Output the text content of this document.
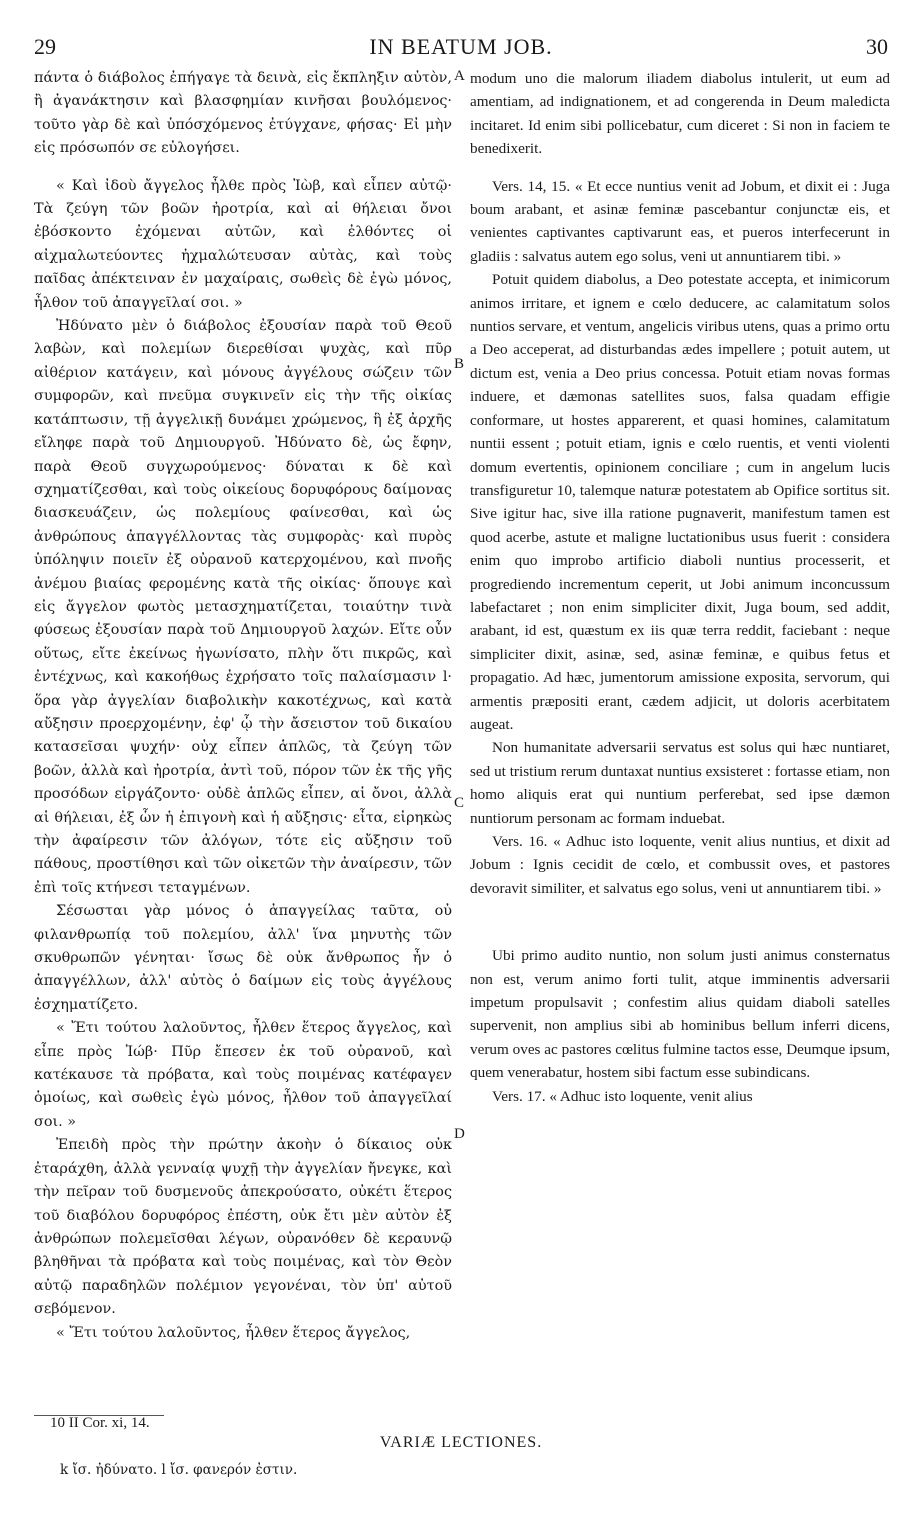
29	IN BEATUM JOB.	30

πάντα ὁ διάβολος ἐπήγαγε τὰ δεινὰ, εἰς ἔκπληξιν αὐτὸν, ἢ ἀγανάκτησιν καὶ βλασφημίαν κινῆσαι βουλόμενος· τοῦτο γὰρ δὲ καὶ ὑπόσχόμενος ἐτύγχανε, φήσας· Εἰ μὴν εἰς πρόσωπόν σε εὐλογήσει.

« Καὶ ἰδοὺ ἄγγελος ἦλθε πρὸς Ἰὼβ, καὶ εἶπεν αὐτῷ· Τὰ ζεύγη τῶν βοῶν ἠροτρία, καὶ αἱ θήλειαι ὄνοι ἐβόσκοντο ἐχόμεναι αὐτῶν, καὶ ἐλθόντες οἱ αἰχμαλωτεύοντες ἠχμαλώτευσαν αὐτὰς, καὶ τοὺς παῖδας ἀπέκτειναν ἐν μαχαίραις, σωθεὶς δὲ ἐγὼ μόνος, ἦλθον τοῦ ἀπαγγεῖλαί σοι. »

Ἠδύνατο μὲν ὁ διάβολος ἐξουσίαν παρὰ τοῦ Θεοῦ λαβὼν, καὶ πολεμίων διερεθίσαι ψυχὰς, καὶ πῦρ αἰθέριον κατάγειν, καὶ μόνους ἀγγέλους σώζειν τῶν συμφορῶν, καὶ πνεῦμα συγκινεῖν εἰς τὴν τῆς οἰκίας κατάπτωσιν, τῇ ἀγγελικῇ δυνάμει χρώμενος, ἣ ἐξ ἀρχῆς εἴληφε παρὰ τοῦ Δημιουργοῦ. Ἠδύνατο δὲ, ὡς ἔφην, παρὰ Θεοῦ συγχωρούμενος· δύναται κ δὲ καὶ σχηματίζεσθαι, καὶ τοὺς οἰκείους δορυφόρους δαίμονας διασκευάζειν, ὡς πολεμίους φαίνεσθαι, καὶ ὡς ἀνθρώπους ἀπαγγέλλοντας τὰς συμφορὰς· καὶ πυρὸς ὑπόληψιν ποιεῖν ἐξ οὐρανοῦ κατερχομένου, καὶ πνοῆς ἀνέμου βιαίας φερομένης κατὰ τῆς οἰκίας· ὅπουγε καὶ εἰς ἄγγελον φωτὸς μετασχηματίζεται, τοιαύτην τινὰ φύσεως ἐξουσίαν παρὰ τοῦ Δημιουργοῦ λαχών. Εἴτε οὖν οὕτως, εἴτε ἐκείνως ἠγωνίσατο, πλὴν ὅτι πικρῶς, καὶ ἐντέχνως, καὶ κακοήθως ἐχρήσατο τοῖς παλαίσμασιν l· ὅρα γὰρ ἀγγελίαν διαβολικὴν κακοτέχνως, καὶ κατὰ αὔξησιν προερχομένην, ἐφ' ᾧ τὴν ἄσειστον τοῦ δικαίου κατασεῖσαι ψυχήν· οὐχ εἶπεν ἁπλῶς, τὰ ζεύγη τῶν βοῶν, ἀλλὰ καὶ ἠροτρία, ἀντὶ τοῦ, πόρον τῶν ἐκ τῆς γῆς προσόδων εἰργάζοντο· οὐδὲ ἁπλῶς εἶπεν, αἱ ὄνοι, ἀλλὰ αἱ θήλειαι, ἐξ ὧν ἡ ἐπιγονὴ καὶ ἡ αὔξησις· εἶτα, εἰρηκὼς τὴν ἀφαίρεσιν τῶν ἀλόγων, τότε εἰς αὔξησιν τοῦ πάθους, προστίθησι καὶ τῶν οἰκετῶν τὴν ἀναίρεσιν, τῶν ἐπὶ τοῖς κτήνεσι τεταγμένων.

Σέσωσται γὰρ μόνος ὁ ἀπαγγείλας ταῦτα, οὐ φιλανθρωπίᾳ τοῦ πολεμίου, ἀλλ' ἵνα μηνυτὴς τῶν σκυθρωπῶν γένηται· ἴσως δὲ οὐκ ἄνθρωπος ἦν ὁ ἀπαγγέλλων, ἀλλ' αὐτὸς ὁ δαίμων εἰς τοὺς ἀγγέλους ἐσχηματίζετο.

« Ἔτι τούτου λαλοῦντος, ἦλθεν ἕτερος ἄγγελος, καὶ εἶπε πρὸς Ἰώβ· Πῦρ ἔπεσεν ἐκ τοῦ οὐρανοῦ, καὶ κατέκαυσε τὰ πρόβατα, καὶ τοὺς ποιμένας κατέφαγεν ὁμοίως, καὶ σωθεὶς ἐγὼ μόνος, ἦλθον τοῦ ἀπαγγεῖλαί σοι. »

Ἐπειδὴ πρὸς τὴν πρώτην ἀκοὴν ὁ δίκαιος οὐκ ἐταράχθη, ἀλλὰ γενναίᾳ ψυχῇ τὴν ἀγγελίαν ἤνεγκε, καὶ τὴν πεῖραν τοῦ δυσμενοῦς ἀπεκρούσατο, οὐκέτι ἕτερος τοῦ διαβόλου δορυφόρος ἐπέστη, οὐκ ἔτι μὲν αὐτὸν ἐξ ἀνθρώπων πολεμεῖσθαι λέγων, οὐρανόθεν δὲ κεραυνῷ βληθῆναι τὰ πρόβατα καὶ τοὺς ποιμένας, καὶ τὸν Θεὸν αὐτῷ παραδηλῶν πολέμιον γεγονέναι, τὸν ὑπ' αὐτοῦ σεβόμενον.

« Ἔτι τούτου λαλοῦντος, ἦλθεν ἕτερος ἄγγελος,

modum uno die malorum iliadem diabolus intulerit, ut eum ad amentiam, ad indignationem, et ad congerenda in Deum maledicta incitaret. Id enim sibi pollicebatur, cum diceret : Si non in faciem te benedixerit.

Vers. 14, 15. « Et ecce nuntius venit ad Jobum, et dixit ei : Juga boum arabant, et asinæ feminæ pascebantur conjunctæ eis, et venientes captivantes captivarunt eas, et pueros interfecerunt in gladiis : salvatus autem ego solus, veni ut annuntiarem tibi. »

Potuit quidem diabolus, a Deo potestate accepta, et inimicorum animos irritare, et ignem e cœlo deducere, ac calamitatum solos nuntios servare, et ventum, angelicis viribus utens, quas a primo ortu a Deo acceperat, ad disturbandas ædes impellere ; potuit autem, ut dictum est, venia a Deo prius concessa. Potuit etiam novas formas induere, et dæmonas satellites suos, falsa quadam effigie conformare, ut hostes apparerent, et quasi homines, calamitatum nuntii essent ; potuit etiam, ignis e cœlo ruentis, et venti violenti domum evertentis, opinionem conciliare ; cum in angelum lucis transfiguretur 10, talemque naturæ potestatem ab Opifice sortitus sit. Sive igitur hac, sive illa ratione pugnaverit, manifestum tamen est quod acerbe, astute et maligne luctationibus usus fuerit : considera enim quo improbo artificio diaboli nuntius processerit, et progrediendo incrementum ceperit, ut Jobi animum inconcussum labefactaret ; non enim simpliciter dixit, Juga boum, sed addit, arabant, id est, quæstum ex iis quæ terra reddit, faciebant : neque simpliciter dixit, asinæ, sed, asinæ feminæ, e quibus fetus et propagatio. Ad hæc, jumentorum amissione exposita, servorum, qui armentis præpositi erant, cædem adjicit, ut doloris acerbitatem augeat.

Non humanitate adversarii servatus est solus qui hæc nuntiaret, sed ut tristium rerum duntaxat nuntius exsisteret : fortasse etiam, non homo aliquis erat qui nuntium perferebat, sed ipse dæmon nuntiorum personam ac formam induebat.

Vers. 16. « Adhuc isto loquente, venit alius nuntius, et dixit ad Jobum : Ignis cecidit de cœlo, et combussit oves, et pastores devoravit similiter, et salvatus ego solus, veni ut annuntiarem tibi. »

Ubi primo audito nuntio, non solum justi animus consternatus non est, verum animo forti tulit, atque imminentis adversarii impetum propulsavit ; confestim alius quidam diaboli satelles supervenit, non amplius sibi ab hominibus bellum inferri dicens, verum oves ac pastores cœlitus fulmine tactos esse, Deumque ipsum, quem venerabatur, hostem sibi factum esse subindicans.

Vers. 17. « Adhuc isto loquente, venit alius

A
B
C
D
10 II Cor. xi, 14.
VARIÆ LECTIONES.
k ἴσ. ἠδύνατο. l ἴσ. φανερόν ἐστιν.
